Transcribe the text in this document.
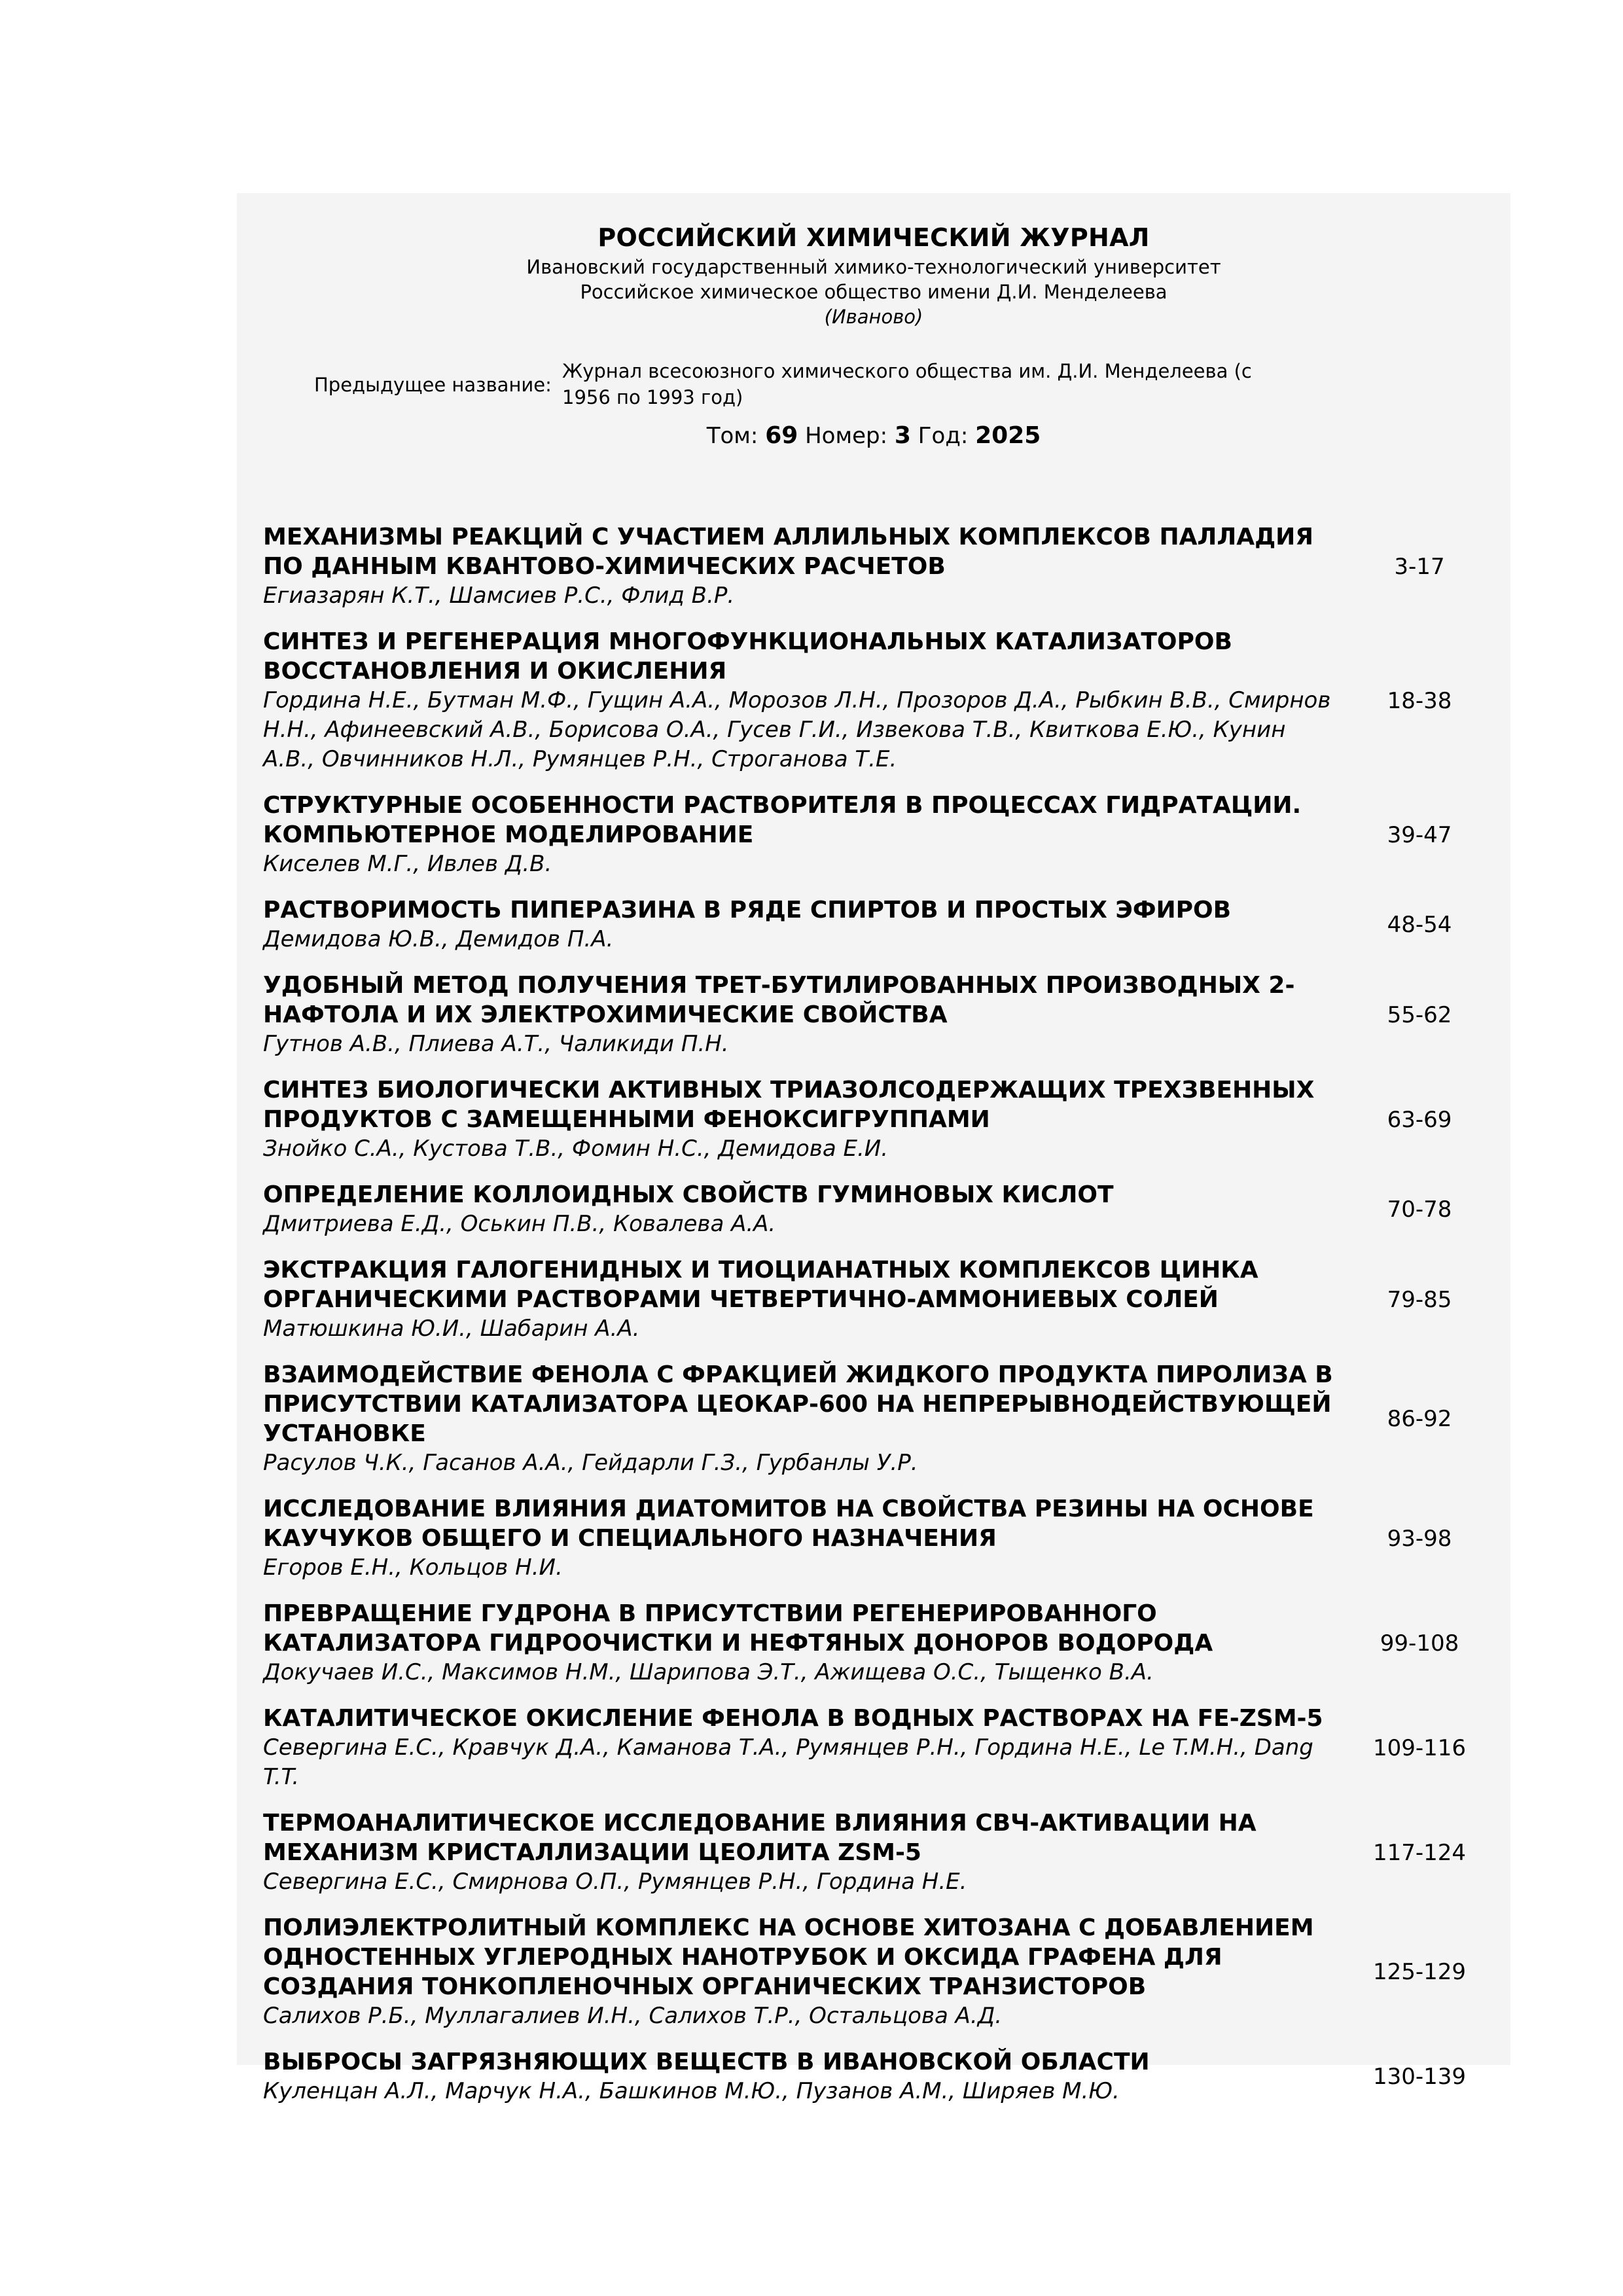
РОССИЙСКИЙ ХИМИЧЕСКИЙ ЖУРНАЛ
Ивановский государственный химико-технологический университет
Российское химическое общество имени Д.И. Менделеева
(Иваново)
Предыдущее название:
Журнал всесоюзного химического общества им. Д.И. Менделеева (с 1956 по 1993 год)
Том: 69 Номер: 3 Год: 2025
МЕХАНИЗМЫ РЕАКЦИЙ С УЧАСТИЕМ АЛЛИЛЬНЫХ КОМПЛЕКСОВ ПАЛЛАДИЯ ПО ДАННЫМ КВАНТОВО-ХИМИЧЕСКИХ РАСЧЕТОВ
Егиазарян К.Т., Шамсиев Р.С., Флид В.Р.
3-17
СИНТЕЗ И РЕГЕНЕРАЦИЯ МНОГОФУНКЦИОНАЛЬНЫХ КАТАЛИЗАТОРОВ ВОССТАНОВЛЕНИЯ И ОКИСЛЕНИЯ
Гордина Н.Е., Бутман М.Ф., Гущин А.А., Морозов Л.Н., Прозоров Д.А., Рыбкин В.В., Смирнов Н.Н., Афинеевский А.В., Борисова О.А., Гусев Г.И., Извекова Т.В., Квиткова Е.Ю., Кунин А.В., Овчинников Н.Л., Румянцев Р.Н., Строганова Т.Е.
18-38
СТРУКТУРНЫЕ ОСОБЕННОСТИ РАСТВОРИТЕЛЯ В ПРОЦЕССАХ ГИДРАТАЦИИ. КОМПЬЮТЕРНОЕ МОДЕЛИРОВАНИЕ
Киселев М.Г., Ивлев Д.В.
39-47
РАСТВОРИМОСТЬ ПИПЕРАЗИНА В РЯДЕ СПИРТОВ И ПРОСТЫХ ЭФИРОВ
Демидова Ю.В., Демидов П.А.
48-54
УДОБНЫЙ МЕТОД ПОЛУЧЕНИЯ ТРЕТ-БУТИЛИРОВАННЫХ ПРОИЗВОДНЫХ 2-НАФТОЛА И ИХ ЭЛЕКТРОХИМИЧЕСКИЕ СВОЙСТВА
Гутнов А.В., Плиева А.Т., Чаликиди П.Н.
55-62
СИНТЕЗ БИОЛОГИЧЕСКИ АКТИВНЫХ ТРИАЗОЛСОДЕРЖАЩИХ ТРЕХЗВЕННЫХ ПРОДУКТОВ С ЗАМЕЩЕННЫМИ ФЕНОКСИГРУППАМИ
Знойко С.А., Кустова Т.В., Фомин Н.С., Демидова Е.И.
63-69
ОПРЕДЕЛЕНИЕ КОЛЛОИДНЫХ СВОЙСТВ ГУМИНОВЫХ КИСЛОТ
Дмитриева Е.Д., Оськин П.В., Ковалева А.А.
70-78
ЭКСТРАКЦИЯ ГАЛОГЕНИДНЫХ И ТИОЦИАНАТНЫХ КОМПЛЕКСОВ ЦИНКА ОРГАНИЧЕСКИМИ РАСТВОРАМИ ЧЕТВЕРТИЧНО-АММОНИЕВЫХ СОЛЕЙ
Матюшкина Ю.И., Шабарин А.А.
79-85
ВЗАИМОДЕЙСТВИЕ ФЕНОЛА С ФРАКЦИЕЙ ЖИДКОГО ПРОДУКТА ПИРОЛИЗА В ПРИСУТСТВИИ КАТАЛИЗАТОРА ЦЕОКАР-600 НА НЕПРЕРЫВНОДЕЙСТВУЮЩЕЙ УСТАНОВКЕ
Расулов Ч.К., Гасанов А.А., Гейдарли Г.З., Гурбанлы У.Р.
86-92
ИССЛЕДОВАНИЕ ВЛИЯНИЯ ДИАТОМИТОВ НА СВОЙСТВА РЕЗИНЫ НА ОСНОВЕ КАУЧУКОВ ОБЩЕГО И СПЕЦИАЛЬНОГО НАЗНАЧЕНИЯ
Егоров Е.Н., Кольцов Н.И.
93-98
ПРЕВРАЩЕНИЕ ГУДРОНА В ПРИСУТСТВИИ РЕГЕНЕРИРОВАННОГО КАТАЛИЗАТОРА ГИДРООЧИСТКИ И НЕФТЯНЫХ ДОНОРОВ ВОДОРОДА
Докучаев И.С., Максимов Н.М., Шарипова Э.Т., Ажищева О.С., Тыщенко В.А.
99-108
КАТАЛИТИЧЕСКОЕ ОКИСЛЕНИЕ ФЕНОЛА В ВОДНЫХ РАСТВОРАХ НА FE-ZSM-5
Севергина Е.С., Кравчук Д.А., Каманова Т.А., Румянцев Р.Н., Гордина Н.Е., Le T.M.H., Dang T.T.
109-116
ТЕРМОАНАЛИТИЧЕСКОЕ ИССЛЕДОВАНИЕ ВЛИЯНИЯ СВЧ-АКТИВАЦИИ НА МЕХАНИЗМ КРИСТАЛЛИЗАЦИИ ЦЕОЛИТА ZSM-5
Севергина Е.С., Смирнова О.П., Румянцев Р.Н., Гордина Н.Е.
117-124
ПОЛИЭЛЕКТРОЛИТНЫЙ КОМПЛЕКС НА ОСНОВЕ ХИТОЗАНА С ДОБАВЛЕНИЕМ ОДНОСТЕННЫХ УГЛЕРОДНЫХ НАНОТРУБОК И ОКСИДА ГРАФЕНА ДЛЯ СОЗДАНИЯ ТОНКОПЛЕНОЧНЫХ ОРГАНИЧЕСКИХ ТРАНЗИСТОРОВ
Салихов Р.Б., Муллагалиев И.Н., Салихов Т.Р., Остальцова А.Д.
125-129
ВЫБРОСЫ ЗАГРЯЗНЯЮЩИХ ВЕЩЕСТВ В ИВАНОВСКОЙ ОБЛАСТИ
Куленцан А.Л., Марчук Н.А., Башкинов М.Ю., Пузанов А.М., Ширяев М.Ю.
130-139
